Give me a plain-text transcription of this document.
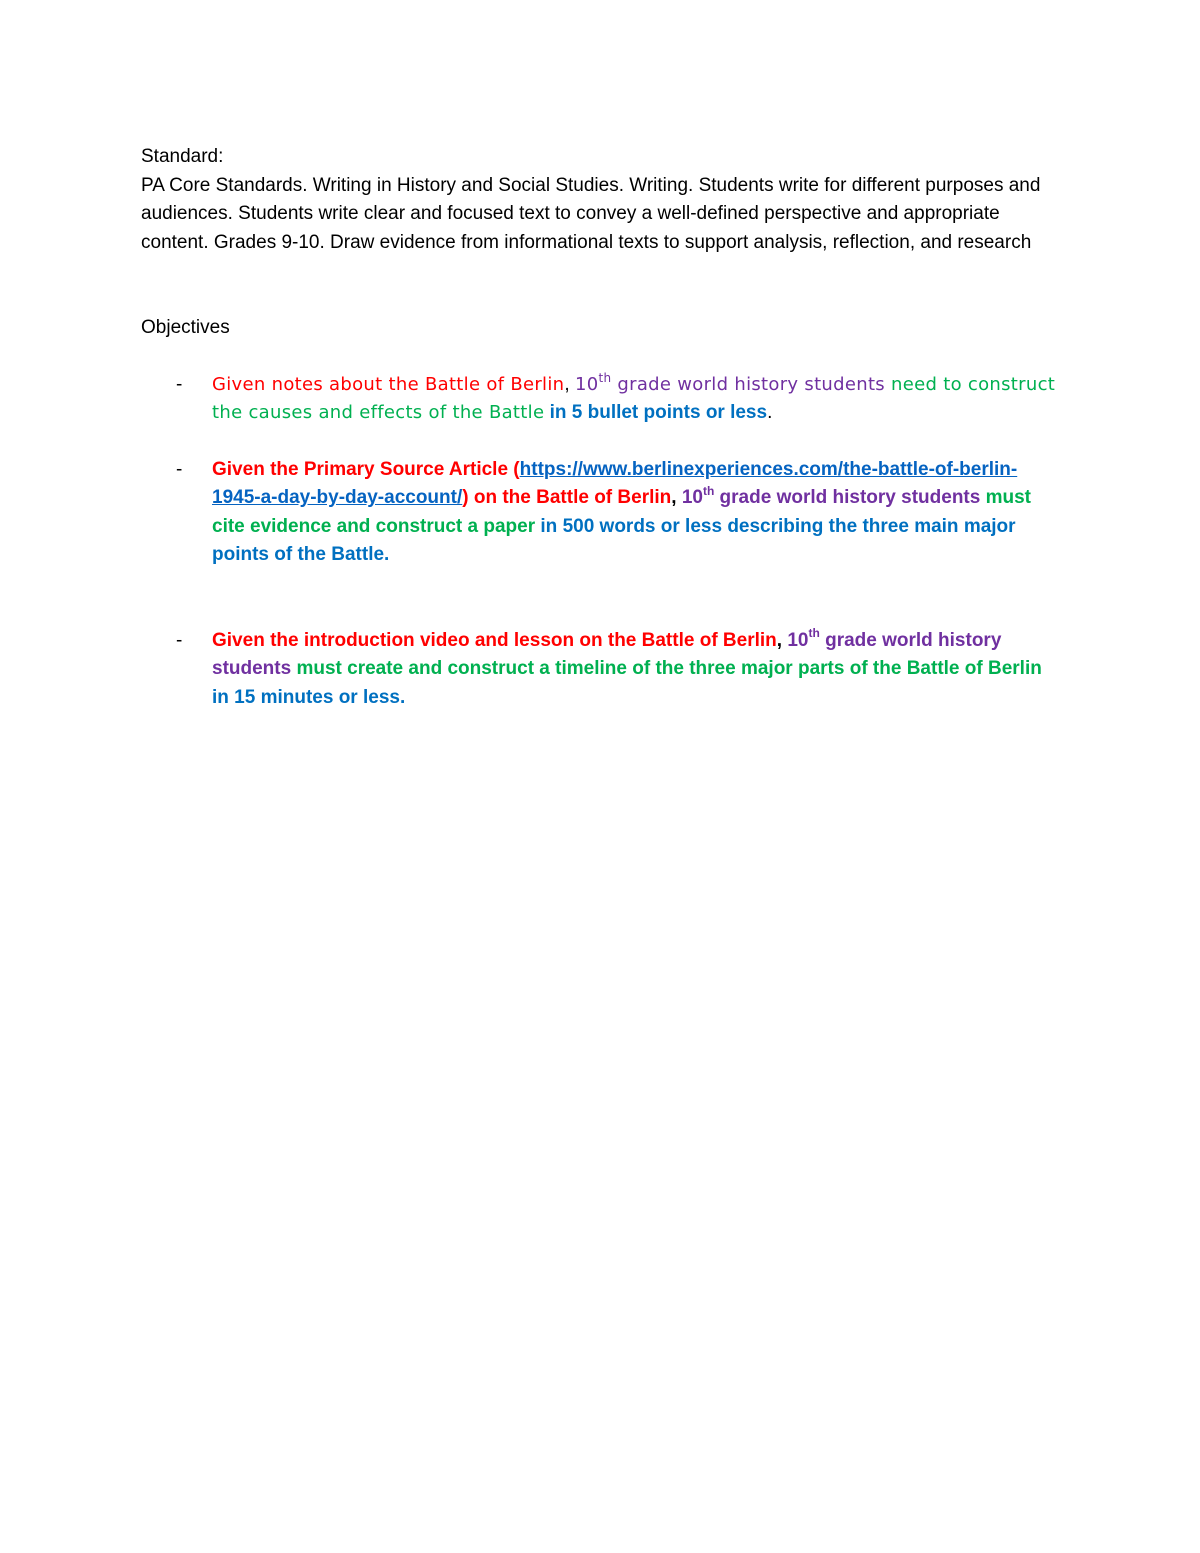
Standard:

PA Core Standards. Writing in History and Social Studies. Writing. Students write for different purposes and audiences. Students write clear and focused text to convey a well-defined perspective and appropriate content. Grades 9-10. Draw evidence from informational texts to support analysis, reflection, and research

Objectives

- Given notes about the Battle of Berlin, 10th grade world history students need to construct the causes and effects of the Battle in 5 bullet points or less.
- Given the Primary Source Article (https://www.berlinexperiences.com/the-battle-of-berlin-1945-a-day-by-day-account/) on the Battle of Berlin, 10th grade world history students must cite evidence and construct a paper in 500 words or less describing the three main major points of the Battle.
- Given the introduction video and lesson on the Battle of Berlin, 10th grade world history students must create and construct a timeline of the three major parts of the Battle of Berlin in 15 minutes or less.
